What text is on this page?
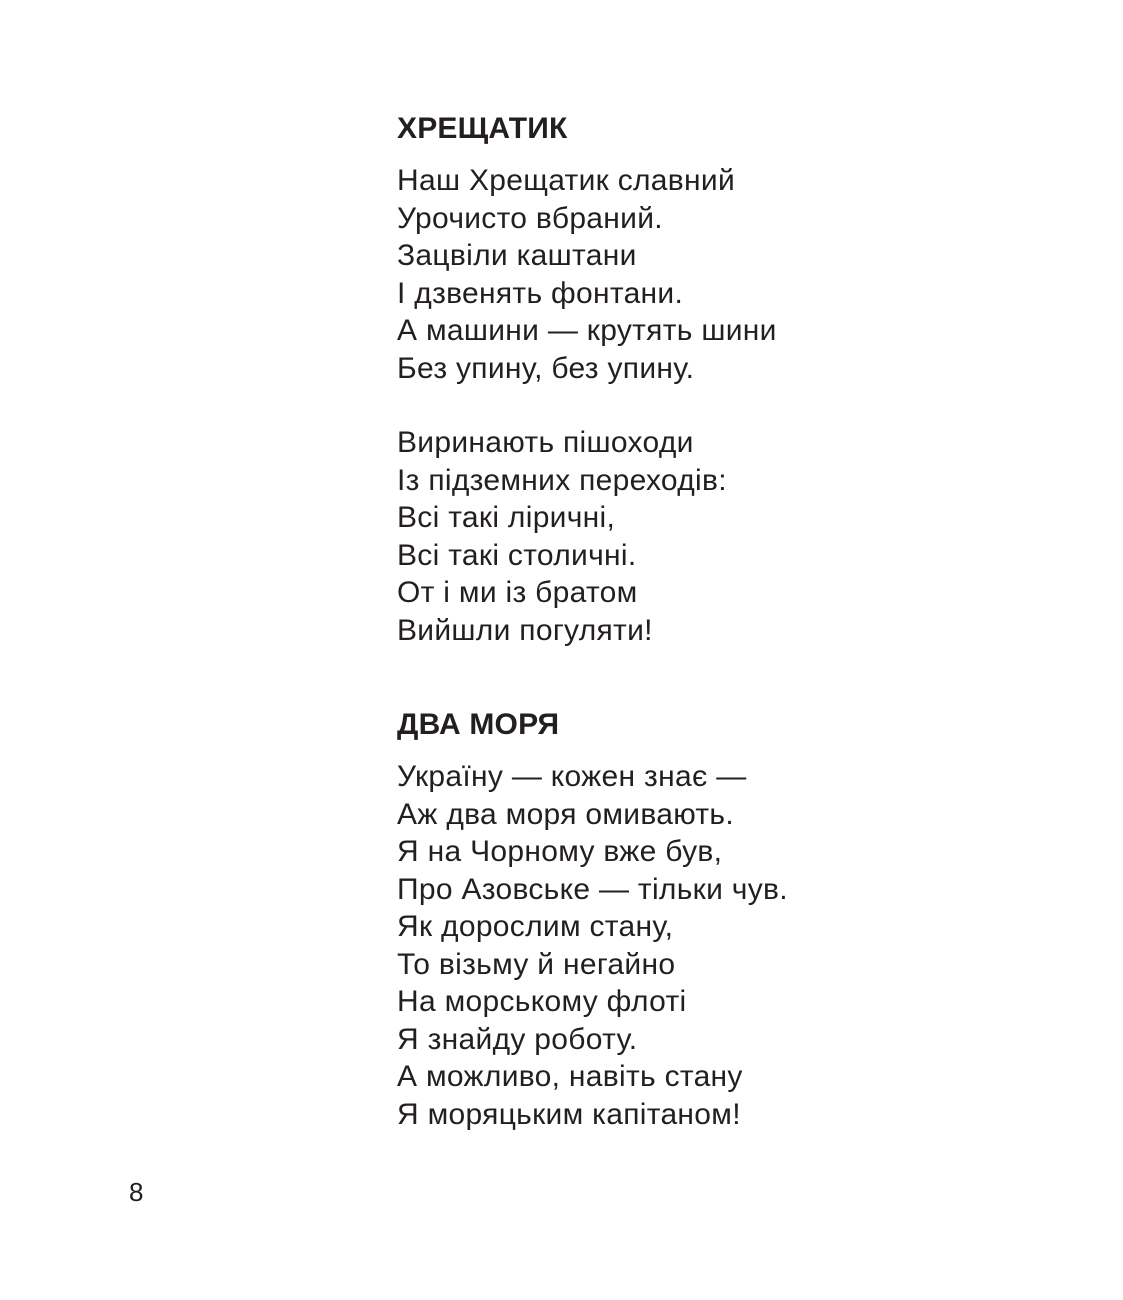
ХРЕЩАТИК
Наш Хрещатик славний
Урочисто вбраний.
Зацвіли каштани
І дзвенять фонтани.
А машини — крутять шини
Без упину, без упину.
Виринають пішоходи
Із підземних переходів:
Всі такі ліричні,
Всі такі столичні.
От і ми із братом
Вийшли погуляти!
ДВА МОРЯ
Україну — кожен знає —
Аж два моря омивають.
Я на Чорному вже був,
Про Азовське — тільки чув.
Як дорослим стану,
То візьму й негайно
На морському флоті
Я знайду роботу.
А можливо, навіть стану
Я моряцьким капітаном!
8
